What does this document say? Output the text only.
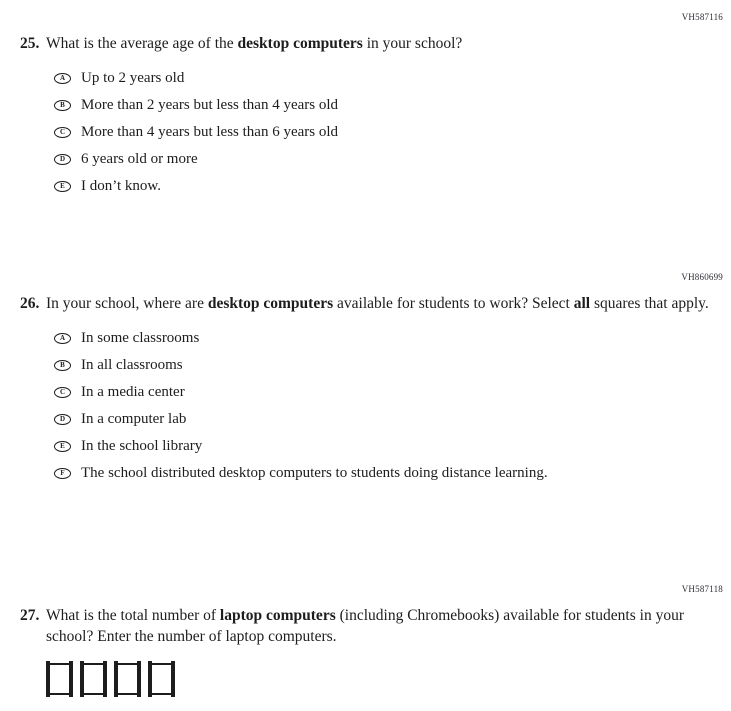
VH587116
25. What is the average age of the desktop computers in your school?
A	Up to 2 years old
B	More than 2 years but less than 4 years old
C	More than 4 years but less than 6 years old
D	6 years old or more
E	I don’t know.
VH860699
26. In your school, where are desktop computers available for students to work? Select all squares that apply.
A	In some classrooms
B	In all classrooms
C	In a media center
D	In a computer lab
E	In the school library
F	The school distributed desktop computers to students doing distance learning.
VH587118
27. What is the total number of laptop computers (including Chromebooks) available for students in your school? Enter the number of laptop computers.
